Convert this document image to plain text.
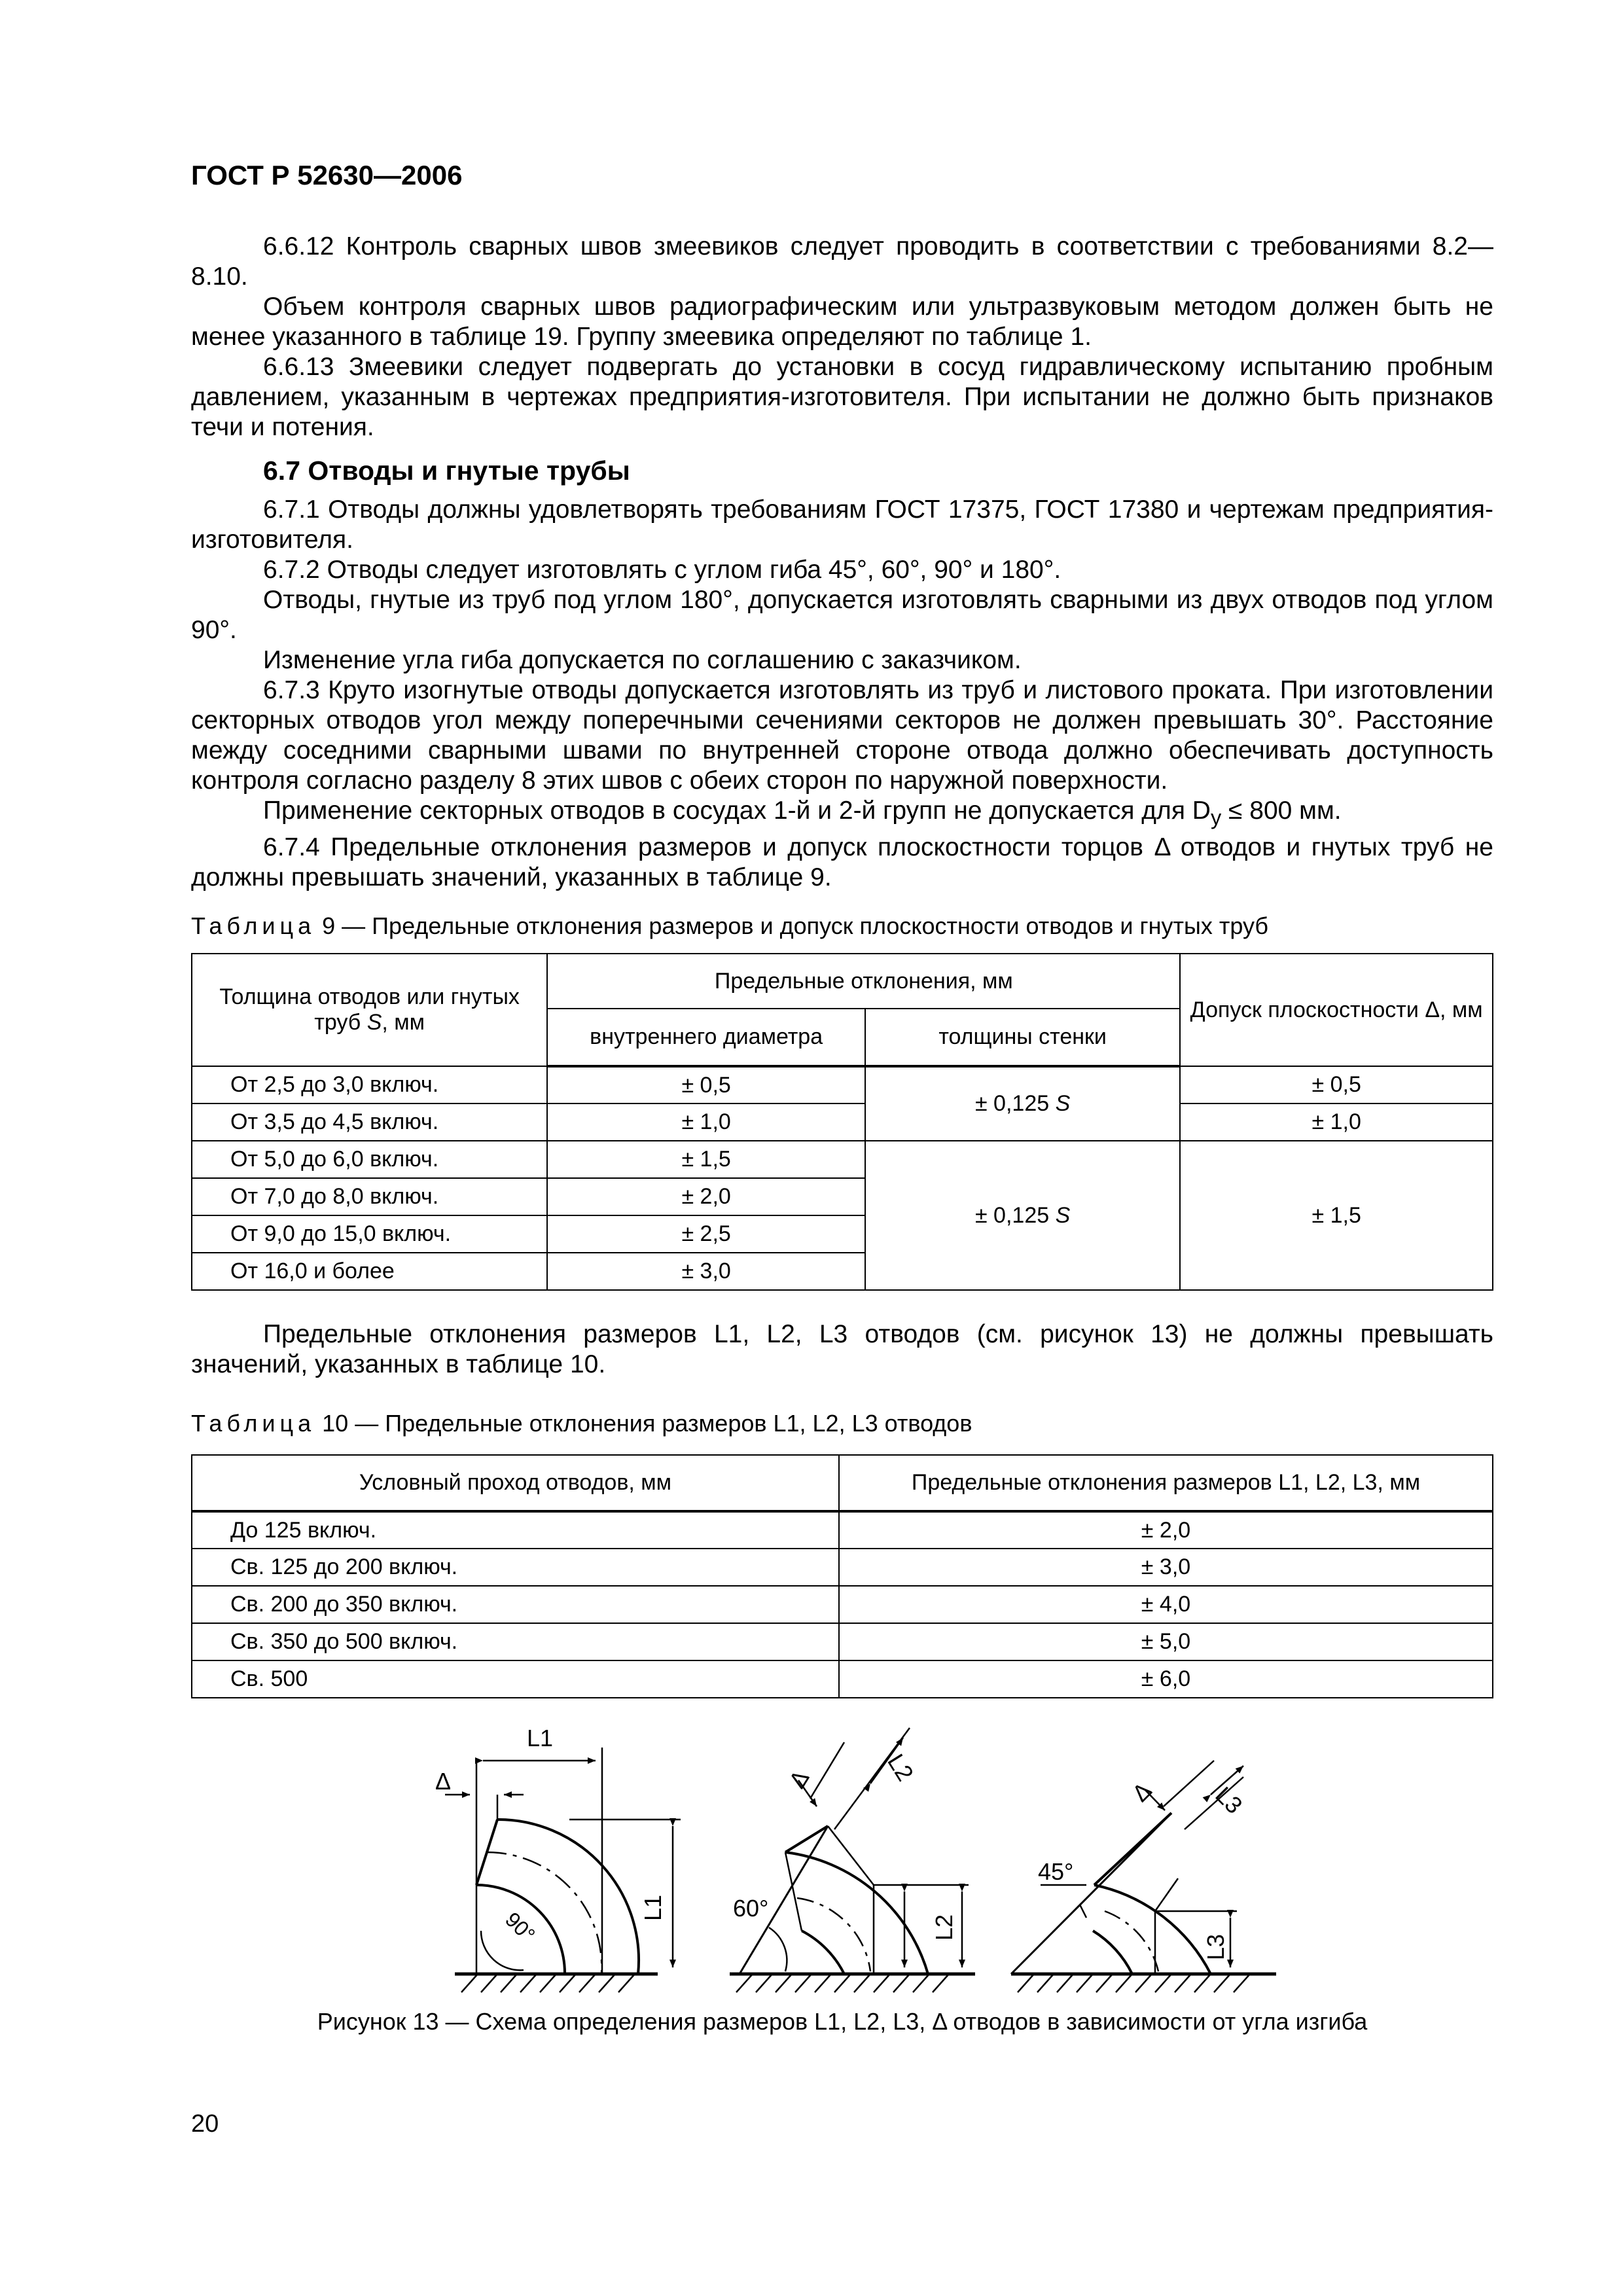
ГОСТ Р 52630—2006

6.6.12 Контроль сварных швов змеевиков следует проводить в соответствии с требованиями 8.2—8.10.

Объем контроля сварных швов радиографическим или ультразвуковым методом должен быть не менее указанного в таблице 19. Группу змеевика определяют по таблице 1.

6.6.13 Змеевики следует подвергать до установки в сосуд гидравлическому испытанию пробным давлением, указанным в чертежах предприятия-изготовителя. При испытании не должно быть признаков течи и потения.

6.7 Отводы и гнутые трубы

6.7.1 Отводы должны удовлетворять требованиям ГОСТ 17375, ГОСТ 17380 и чертежам предприятия-изготовителя.

6.7.2 Отводы следует изготовлять с углом гиба 45°, 60°, 90° и 180°.

Отводы, гнутые из труб под углом 180°, допускается изготовлять сварными из двух отводов под углом 90°.

Изменение угла гиба допускается по соглашению с заказчиком.

6.7.3 Круто изогнутые отводы допускается изготовлять из труб и листового проката. При изготовлении секторных отводов угол между поперечными сечениями секторов не должен превышать 30°. Расстояние между соседними сварными швами по внутренней стороне отвода должно обеспечивать доступность контроля согласно разделу 8 этих швов с обеих сторон по наружной поверхности.

Применение секторных отводов в сосудах 1-й и 2-й групп не допускается для $D_y \le 800$ мм.

6.7.4 Предельные отклонения размеров и допуск плоскостности торцов Δ отводов и гнутых труб не должны превышать значений, указанных в таблице 9.

Таблица 9 — Предельные отклонения размеров и допуск плоскостности отводов и гнутых труб
Толщина отводов или гнутых
труб S, мм	Предельные отклонения, мм		Допуск плоскостности Δ, мм
	внутреннего диаметра	толщины стенки	
От 2,5 до 3,0 включ.	± 0,5	± 0,125 S	± 0,5
От 3,5 до 4,5 включ.	± 1,0		± 1,0
От 5,0 до 6,0 включ.	± 1,5	± 0,125 S	± 1,5
От 7,0 до 8,0 включ.	± 2,0		
От 9,0 до 15,0 включ.	± 2,5		
От 16,0 и более	± 3,0		

Предельные отклонения размеров L1, L2, L3 отводов (см. рисунок 13) не должны превышать значений, указанных в таблице 10.

Таблица 10 — Предельные отклонения размеров L1, L2, L3 отводов
Условный проход отводов, мм	Предельные отклонения размеров L1, L2, L3, мм
До 125 включ.	± 2,0
Св. 125 до 200 включ.	± 3,0
Св. 200 до 350 включ.	± 4,0
Св. 350 до 500 включ.	± 5,0
Св. 500	± 6,0
L1
Δ
L1
90°
Δ	L2
L2
60°
Δ L3
L3
45°
Рисунок 13 — Схема определения размеров L1, L2, L3, Δ отводов в зависимости от угла изгиба
20
